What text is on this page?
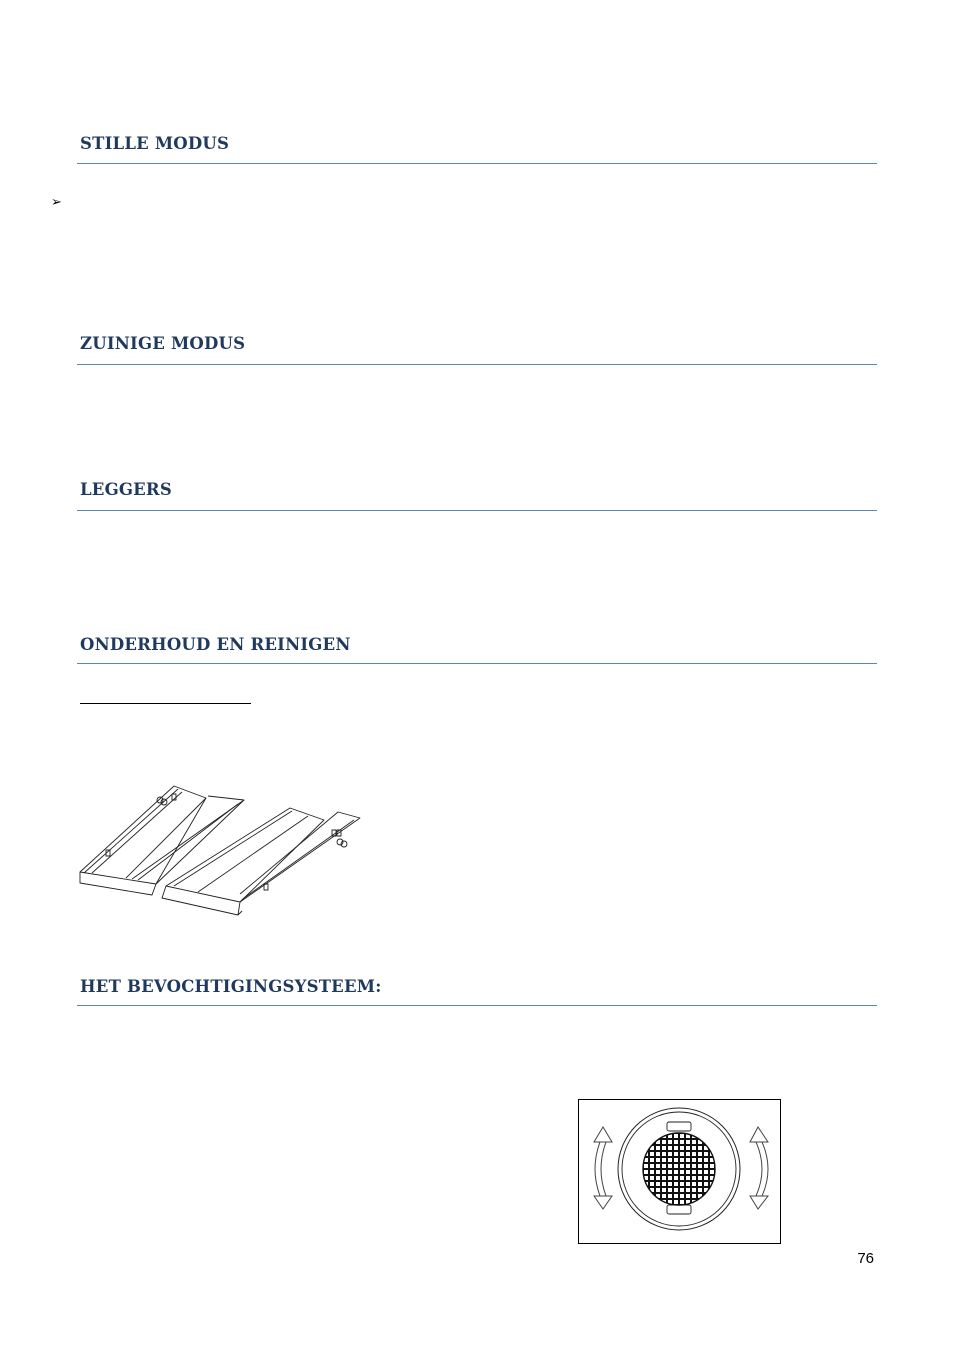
STILLE MODUS
➢
ZUINIGE MODUS
LEGGERS
ONDERHOUD EN REINIGEN
HET BEVOCHTIGINGSYSTEEM:
76
